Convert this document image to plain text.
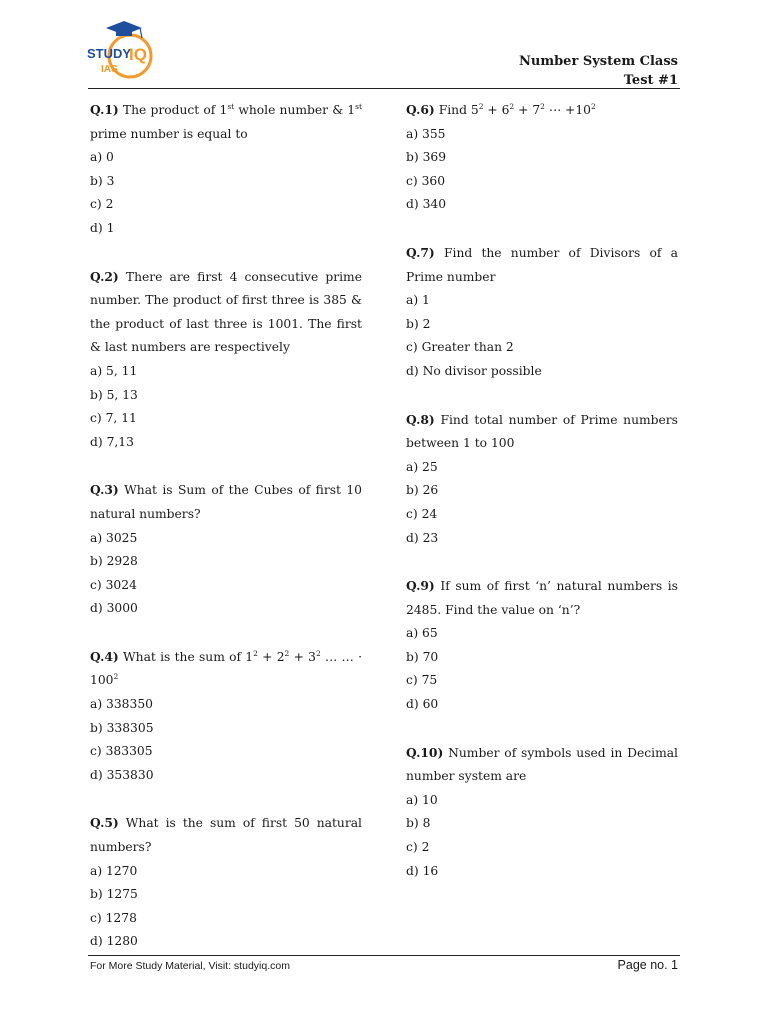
STUDY
IQ
IAS
Number System Class
Test #1

Q.1) The product of 1st whole number & 1st prime number is equal to

a) 0

b) 3

c) 2

d) 1

Q.2) There are first 4 consecutive prime number. The product of first three is 385 & the product of last three is 1001. The first & last numbers are respectively

a) 5, 11

b) 5, 13

c) 7, 11

d) 7,13

Q.3) What is Sum of the Cubes of first 10 natural numbers?

a) 3025

b) 2928

c) 3024

d) 3000

Q.4) What is the sum of $1^2 + 2^2 + 3^2$ … … · $100^2$

a) 338350

b) 338305

c) 383305

d) 353830

Q.5) What is the sum of first 50 natural numbers?

a) 1270

b) 1275

c) 1278

d) 1280

Q.6) Find $5^2 + 6^2 + 7^2$ ⋯ $+10^2$

a) 355

b) 369

c) 360

d) 340

Q.7) Find the number of Divisors of a Prime number

a) 1

b) 2

c) Greater than 2

d) No divisor possible

Q.8) Find total number of Prime numbers between 1 to 100

a) 25

b) 26

c) 24

d) 23

Q.9) If sum of first ‘n’ natural numbers is 2485. Find the value on ‘n’?

a) 65

b) 70

c) 75

d) 60

Q.10) Number of symbols used in Decimal number system are

a) 10

b) 8

c) 2

d) 16

For More Study Material, Visit: studyiq.com	Page no. 1
